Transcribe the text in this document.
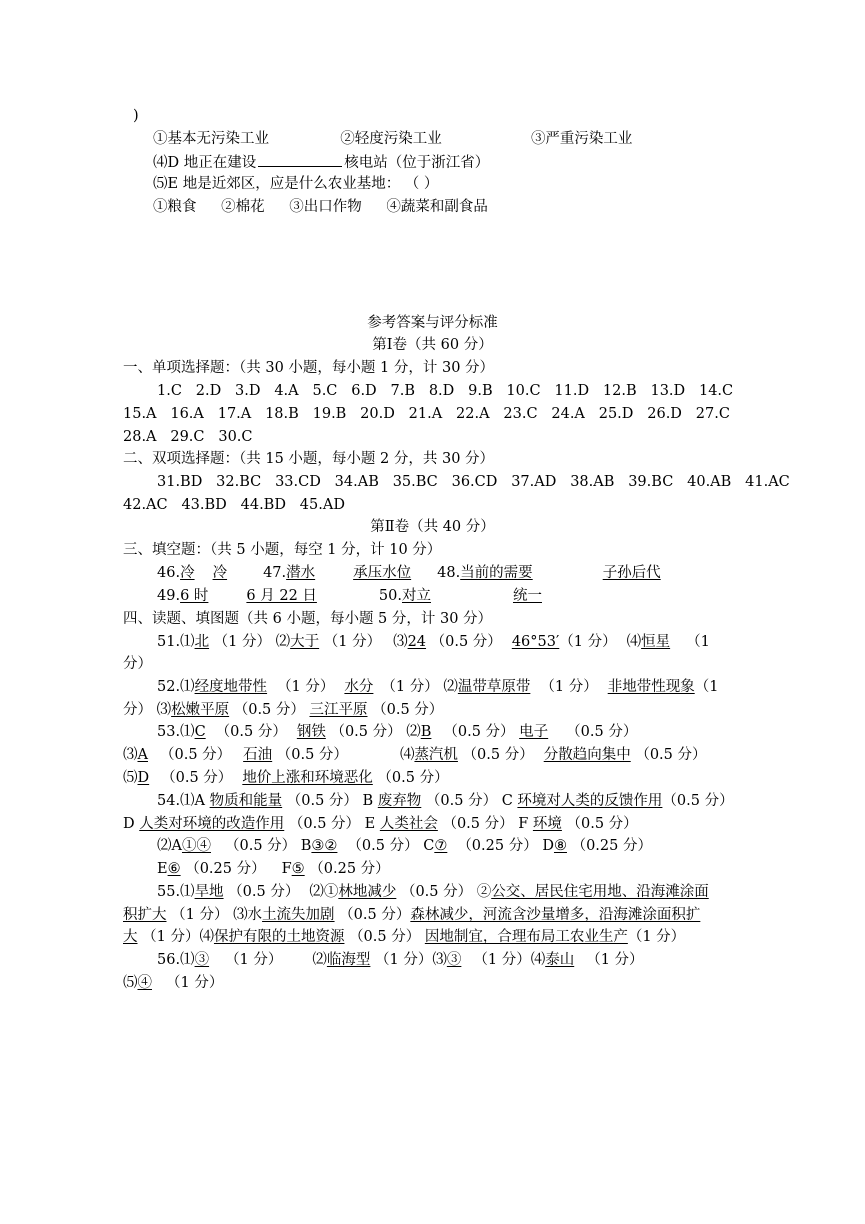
)
①基本无污染工业	②轻度污染工业	③严重污染工业
⑷D 地正在建设	核电站（位于浙江省）
⑸E 地是近郊区，应是什么农业基地： （ ）
①粮食 ②棉花 ③出口作物 ④蔬菜和副食品
参考答案与评分标准
第Ⅰ卷（共 60 分）
一、单项选择题：（共 30 小题，每小题 1 分，计 30 分）
1.C   2.D   3.D   4.A   5.C   6.D   7.B   8.D   9.B   10.C   11.D   12.B   13.D   14.C
15.A   16.A   17.A   18.B   19.B   20.D   21.A   22.A   23.C   24.A   25.D   26.D   27.C
28.A   29.C   30.C
二、双项选择题：（共 15 小题，每小题 2 分，共 30 分）
31.BD   32.BC   33.CD   34.AB   35.BC   36.CD   37.AD   38.AB   39.BC   40.AB   41.AC
42.AC   43.BD   44.BD   45.AD
第Ⅱ卷（共 40 分）
三、填空题：（共 5 小题，每空 1 分，计 10 分）
46.冷 冷 47.潜水	承压水位 48.当前的需要	子孙后代
49.6 时	6 月 22 日	50.对立	统一
四、读题、填图题（共 6 小题，每小题 5 分，计 30 分）
51.⑴北 （1 分） ⑵大于 （1 分） ⑶24 （0.5 分） 46°53′（1 分） ⑷恒星 （1
分）
52.⑴经度地带性 （1 分） 水分 （1 分） ⑵温带草原带 （1 分） 非地带性现象（1
分） ⑶松嫩平原 （0.5 分） 三江平原 （0.5 分）
53.⑴C （0.5 分） 钢铁 （0.5 分） ⑵B （0.5 分） 电子 （0.5 分）
⑶A （0.5 分） 石油 （0.5 分）	⑷蒸汽机 （0.5 分） 分散趋向集中 （0.5 分）
⑸D （0.5 分） 地价上涨和环境恶化 （0.5 分）
54.⑴A 物质和能量 （0.5 分） B 废弃物 （0.5 分） C 环境对人类的反馈作用（0.5 分）
D 人类对环境的改造作用 （0.5 分） E 人类社会 （0.5 分） F 环境 （0.5 分）
⑵A①④ （0.5 分） B③② （0.5 分） C⑦ （0.25 分） D⑧ （0.25 分）
E⑥ （0.25 分） F⑤ （0.25 分）
55.⑴旱地 （0.5 分） ⑵①林地减少 （0.5 分） ②公交、居民住宅用地、沿海滩涂面
积扩大 （1 分） ⑶水土流失加剧 （0.5 分）森林减少，河流含沙量增多，沿海滩涂面积扩
大 （1 分）⑷保护有限的土地资源 （0.5 分） 因地制宜，合理布局工农业生产（1 分）
56.⑴③ （1 分） ⑵临海型 （1 分）⑶③ （1 分）⑷泰山 （1 分）
⑸④ （1 分）
